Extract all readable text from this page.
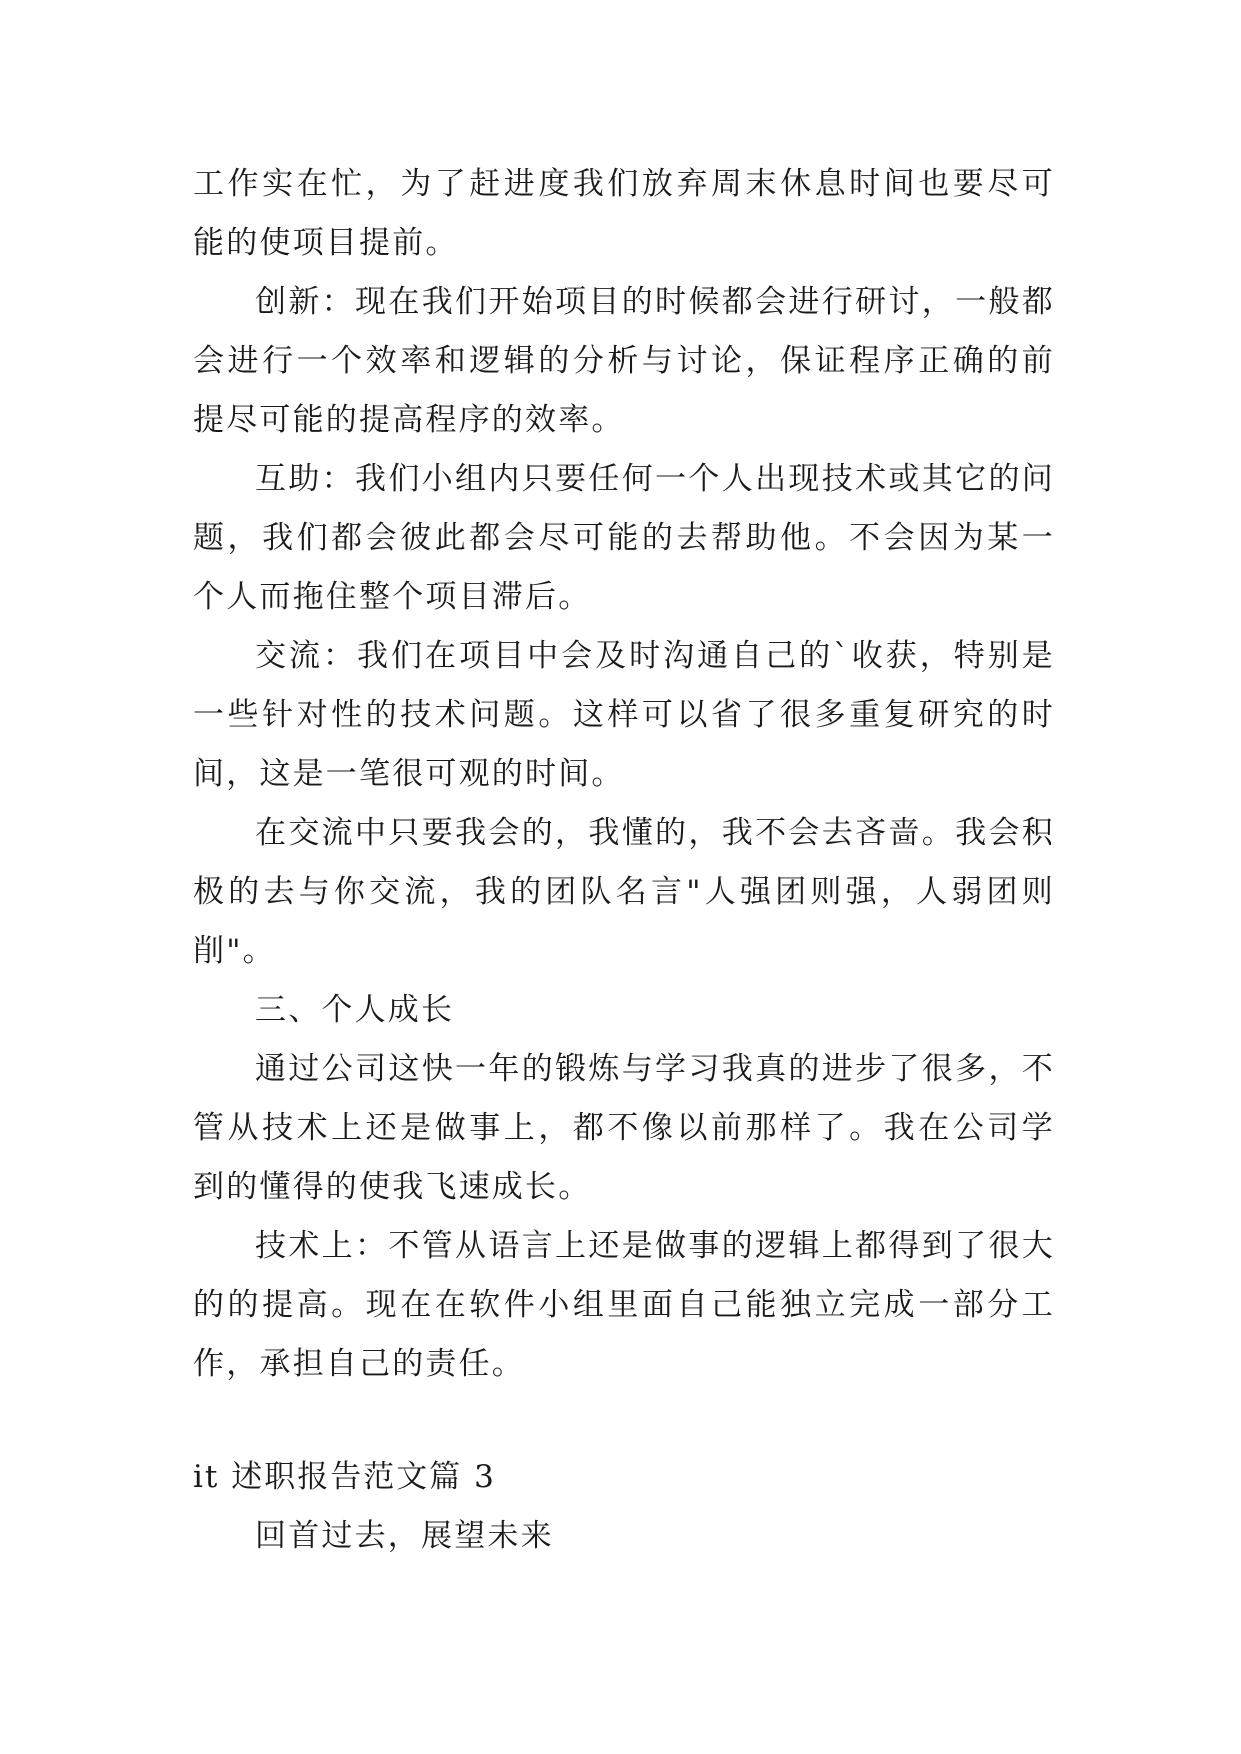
工作实在忙，为了赶进度我们放弃周末休息时间也要尽可能的使项目提前。

创新：现在我们开始项目的时候都会进行研讨，一般都会进行一个效率和逻辑的分析与讨论，保证程序正确的前提尽可能的提高程序的效率。

互助：我们小组内只要任何一个人出现技术或其它的问题，我们都会彼此都会尽可能的去帮助他。不会因为某一个人而拖住整个项目滞后。

交流：我们在项目中会及时沟通自己的`收获，特别是一些针对性的技术问题。这样可以省了很多重复研究的时间，这是一笔很可观的时间。

在交流中只要我会的，我懂的，我不会去吝啬。我会积极的去与你交流，我的团队名言"人强团则强，人弱团则削"。

三、个人成长

通过公司这快一年的锻炼与学习我真的进步了很多，不管从技术上还是做事上，都不像以前那样了。我在公司学到的懂得的使我飞速成长。

技术上：不管从语言上还是做事的逻辑上都得到了很大的的提高。现在在软件小组里面自己能独立完成一部分工作，承担自己的责任。

it 述职报告范文篇 3

回首过去，展望未来
